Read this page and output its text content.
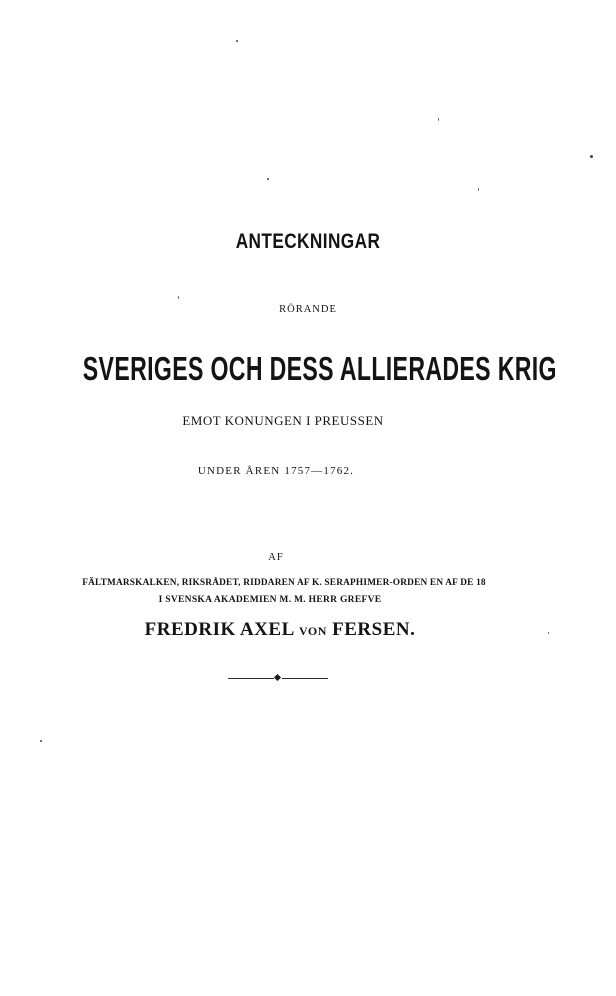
ANTECKNINGAR
RÖRANDE
SVERIGES OCH DESS ALLIERADES KRIG
EMOT KONUNGEN I PREUSSEN
UNDER ÅREN 1757—1762.
AF
FÄLTMARSKALKEN, RIKSRÅDET, RIDDAREN AF K. SERAPHIMER-ORDEN EN AF DE 18
I SVENSKA AKADEMIEN M. M. HERR GREFVE
FREDRIK AXEL VON FERSEN.
